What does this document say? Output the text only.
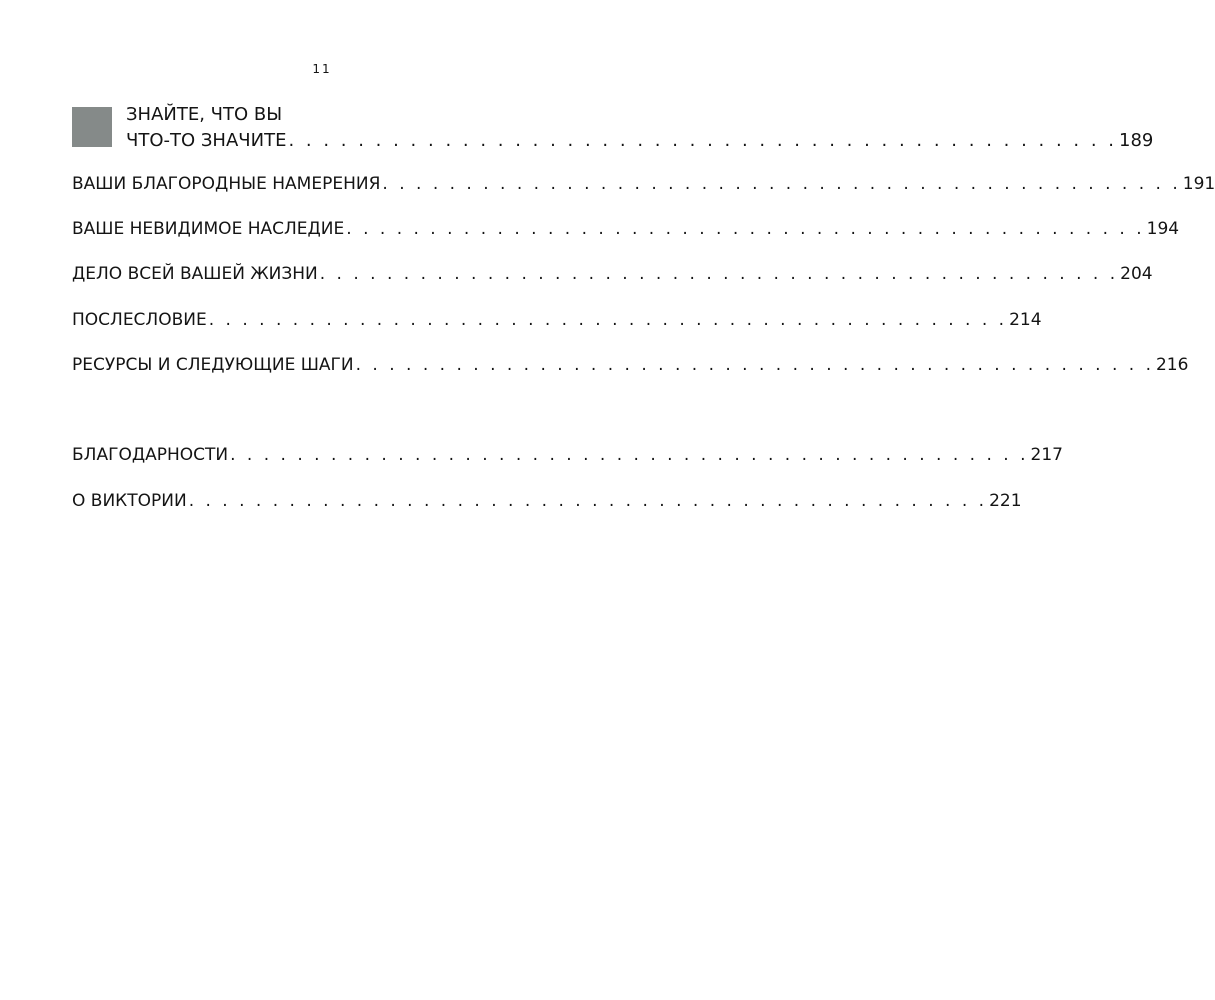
11
ЗНАЙТЕ, ЧТО ВЫ
ЧТО-ТО ЗНАЧИТЕ . . . . . . . . . . . . . . . . . . . . . . . . . . . . . . . . . . . . . . . . . . . . . . . . 189
ВАШИ БЛАГОРОДНЫЕ НАМЕРЕНИЯ . . . . . . . . . . . . . . . . . . . . . . . . . . . . . . . . . . . . . . . . . . . . . . . . 191
ВАШЕ НЕВИДИМОЕ НАСЛЕДИЕ . . . . . . . . . . . . . . . . . . . . . . . . . . . . . . . . . . . . . . . . . . . . . . . . 194
ДЕЛО ВСЕЙ ВАШЕЙ ЖИЗНИ . . . . . . . . . . . . . . . . . . . . . . . . . . . . . . . . . . . . . . . . . . . . . . . . 204
ПОСЛЕСЛОВИЕ . . . . . . . . . . . . . . . . . . . . . . . . . . . . . . . . . . . . . . . . . . . . . . . . 214
РЕСУРСЫ И СЛЕДУЮЩИЕ ШАГИ . . . . . . . . . . . . . . . . . . . . . . . . . . . . . . . . . . . . . . . . . . . . . . . . 216
БЛАГОДАРНОСТИ . . . . . . . . . . . . . . . . . . . . . . . . . . . . . . . . . . . . . . . . . . . . . . . . 217
О ВИКТОРИИ . . . . . . . . . . . . . . . . . . . . . . . . . . . . . . . . . . . . . . . . . . . . . . . . 221
